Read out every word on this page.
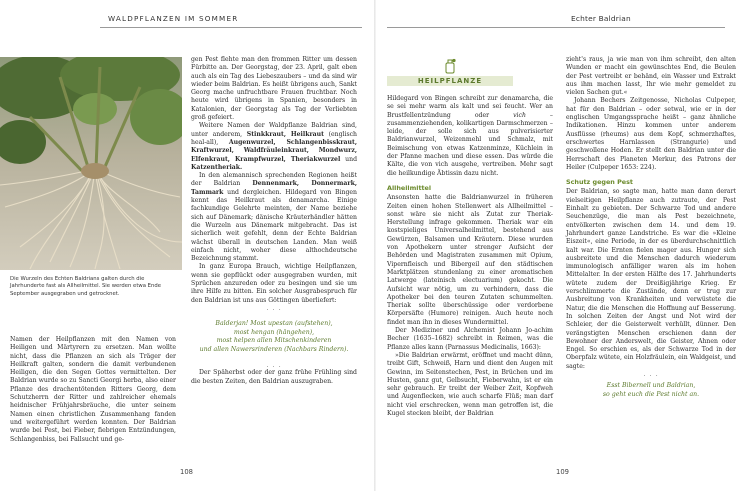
WALDPFLANZEN IM SOMMER
Die Wurzeln des Echten Baldrians galten durch die Jahrhunderte fast als Allheilmittel. Sie werden etwa Ende September ausgegraben und getrocknet.

Namen der Heilpflanzen mit den Namen von Heiligen und Märtyrern zu ersetzen. Man wollte nicht, dass die Pflanzen an sich als Träger der Heilkraft galten, sondern die damit verbundenen Heiligen, die den Segen Gottes vermittelten. Der Baldrian wurde so zu Sancti Georgi herba, also einer Pflanze des drachentötenden Ritters Georg, dem Schutzherrn der Ritter und zahlreicher ehemals heidnischer Frühjahrsbräuche, die unter seinem Namen einen christlichen Zusammenhang fanden und weitergeführt werden konnten. Der Baldrian wurde bei Pest, bei Fieber, fiebrigen Entzündungen, Schlangenbiss, bei Fallsucht und ge-

gen Pest flehte man den frommen Ritter um dessen Fürbitte an. Der Georgstag, der 23. April, galt eben auch als ein Tag des Liebeszaubers – und da sind wir wieder beim Baldrian. Es heißt übrigens auch, Sankt Georg mache unfruchtbare Frauen fruchtbar. Noch heute wird übrigens in Spanien, besonders in Katalonien, der Georgstag als Tag der Verliebten groß gefeiert.

Weitere Namen der Waldpflanze Baldrian sind, unter anderem, Stinkkraut, Heilkraut (englisch heal-all), Augenwurzel, Schlangenbisskraut, Kraftwurzel, Waldfräuleinkraut, Mondwurz, Elfenkraut, Krampfwurzel, Theriakwurzel und Katzentheriak.

In den alemannisch sprechenden Regionen heißt der Baldrian Dennenmark, Donnermark, Tammark und dergleichen. Hildegard von Bingen kennt das Heilkraut als denamarcha. Einige fachkundige Gelehrte meinten, der Name beziehe sich auf Dänemark; dänische Kräuterhändler hätten die Wurzeln aus Dänemark mitgebracht. Das ist sicherlich weit gefehlt, denn der Echte Baldrian wächst überall in deutschen Landen. Man weiß einfach nicht, woher diese althochdeutsche Bezeichnung stammt.

In ganz Europa Brauch, wichtige Heilpflanzen, wenn sie gepflückt oder ausgegraben wurden, mit Sprüchen anzureden oder zu besingen und sie um ihre Hilfe zu bitten. Ein solcher Ausgrabespruch für den Baldrian ist uns aus Göttingen überliefert:

. . .

Balderjan! Most upestan (aufstehen),
most hengan (hängehen),
most helpen allen Mitschenkinderen
und allen Nawersrinderen (Nachbars Rindern).

. . .

Der Späherbst oder der ganz frühe Frühling sind die besten Zeiten, den Baldrian auszugraben.

108
Echter Baldrian
HEILPFLANZE

Hildegard von Bingen schreibt zur denamarcha, die se sei mehr warm als kalt und sei feucht. Wer an Brustfellentzündung oder vich – zusammenziehenden, kolikartigen Darmschmerzen – leide, der solle sich aus pulverisierter Baldrianwurzel, Weizenmehl und Schmalz, mit Beimischung von etwas Katzenminze, Küchlein in der Pfanne machen und diese essen. Das würde die Kälte, die von vich ausgehe, vertreiben. Mehr sagt die heilkundige Äbtissin dazu nicht.

Allheilmittel

Ansonsten hatte die Baldrianwurzel in früheren Zeiten einen hohen Stellenwert als Allheilmittel – sonst wäre sie nicht als Zutat zur Theriak-Herstellung infrage gekommen. Theriak war ein kostspieliges Universalheilmittel, bestehend aus Gewürzen, Balsamen und Kräutern. Diese wurden von Apothekern unter strenger Aufsicht der Behörden und Magistraten zusammen mit Opium, Vipernfleisch und Bibergeil auf den städtischen Marktplätzen stundenlang zu einer aromatischen Latwerge (lateinisch electuarium) gekocht. Die Aufsicht war nötig, um zu verhindern, dass die Apotheker bei den teuren Zutaten schummelten. Theriak sollte überschüssige oder verdorbene Körpersäfte (Humore) reinigen. Auch heute noch findet man ihn in dieses Wundermittel.

Der Mediziner und Alchemist Johann Jo-achim Becher (1635–1682) schreibt in Reimen, was die Pflanze alles kann (Parnassus Medicinalis, 1663):

»Die Baldrian erwärmt, eröffnet und macht dünn, treibt Gift, Schweiß, Harn und dient den Augen mit Gewinn, im Seitenstechen, Pest, in Brüchen und im Husten, ganz gut, Gelbsucht, Fieberwahn, ist er ein sehr gebrauch. Er treibt der Weiber Zeit, Kopfweh und Augenflecken, wie auch scharfe Flüß; man darf nicht viel erschrecken, wenn man getroffen ist, die Kugel stecken bleibt, der Baldrian

zieht's raus, ja wie man von ihm schreibt, den alten Wunden er macht ein gewünschtes End, die Beulen der Pest vertreibt er behänd, ein Wasser und Extrakt aus ihm machen lasst, Ihr wie mehr gemeldet zu vielen Sachen gut.«

Johann Bechers Zeitgenosse, Nicholas Culpeper, hat für den Baldrian – oder setwal, wie er in der englischen Umgangssprache heißt – ganz ähnliche Indikationen. Hinzu kommen unter anderem Ausflüsse (rheums) aus dem Kopf, schmerzhaftes, erschwertes Harnlassen (Strangurie) und geschwollene Hoden. Er stellt den Baldrian unter die Herrschaft des Planeten Merkur, des Patrons der Heiler (Culpeper 1653: 224).

Schutz gegen Pest

Der Baldrian, so sagte man, hatte man dann derart vielseitigen Heilpflanze auch zutraute, der Pest Einhalt zu gebieten. Der Schwarze Tod und andere Seuchenzüge, die man als Pest bezeichnete, entvölkerten zwischen dem 14. und dem 19. Jahrhundert ganze Landstriche. Es war die »Kleine Eiszeit«, eine Periode, in der es überdurchschnittlich kalt war. Die Ernten fielen mager aus. Hunger sich ausbreitete und die Menschen dadurch wiederum immunologisch anfälliger waren als im hohen Mittelalter. In der ersten Hälfte des 17. Jahrhunderts wütete zudem der Dreißigjährige Krieg. Er verschlimmerte die Zustände, denn er trug zur Ausbreitung von Krankheiten und verwüstete die Natur, die die Menschen die Hoffnung auf Besserung. In solchen Zeiten der Angst und Not wird der Schleier, der die Geisterwelt verhüllt, dünner. Den verängstigten Menschen erschienen dann der Bewohner der Anderswelt, die Geister, Ahnen oder Engel. So erschien es, als der Schwarze Tod in der Oberpfalz wütete, ein Holzfräulein, ein Waldgeist, und sagte:

. . .

Esst Bibernell und Baldrian,
so geht euch die Pest nicht an.

109
